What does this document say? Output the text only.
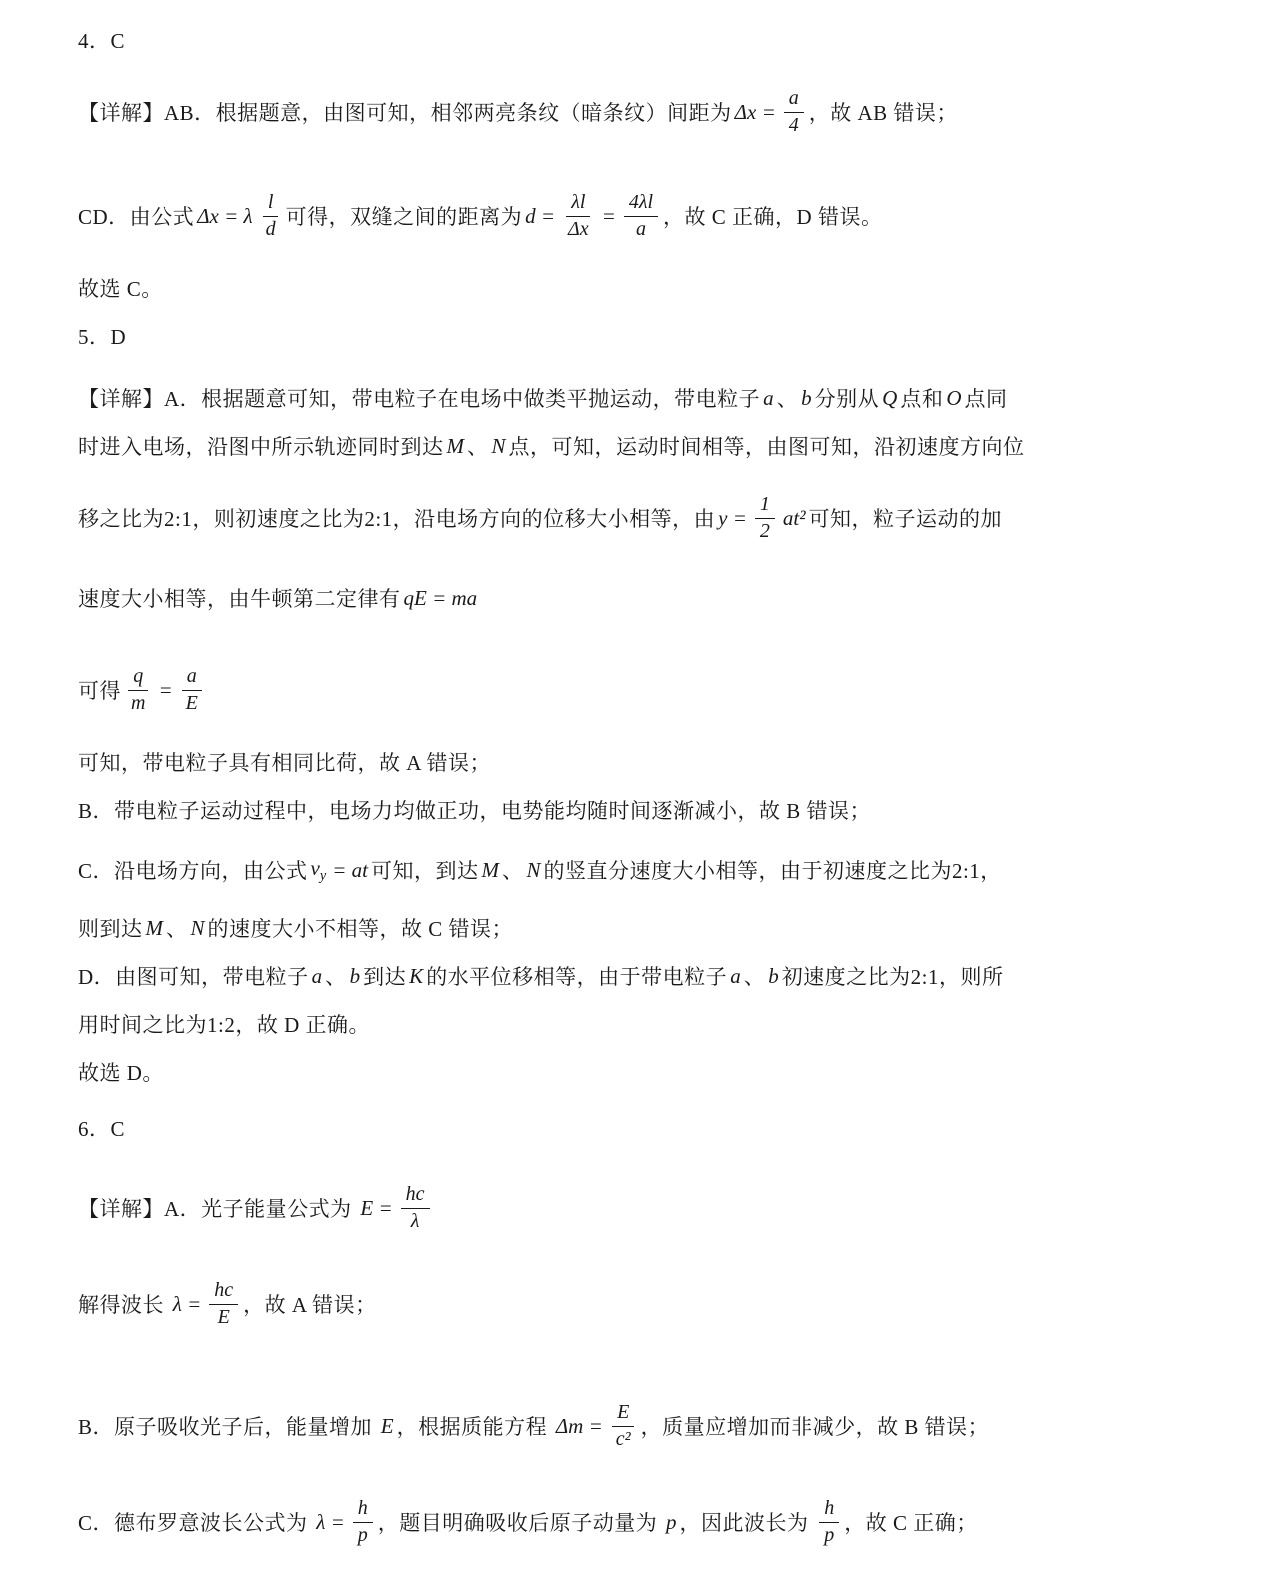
4．C
【详解】AB．根据题意，由图可知，相邻两亮条纹（暗条纹）间距为 $\Delta x = \frac{a}{4}$ ，故 AB 错误；
CD．由公式 Δx = λ $\frac{l}{d}$ 可得，双缝之间的距离为 $d = \frac{\lambda l}{\Delta x} = \frac{4\lambda l}{a}$ ，故 C 正确，D 错误。
故选 C。
5．D
【详解】A．根据题意可知，带电粒子在电场中做类平抛运动，带电粒子 a 、 b 分别从 Q 点和 O 点同
时进入电场，沿图中所示轨迹同时到达 M 、 N 点，可知，运动时间相等，由图可知，沿初速度方向位
移之比为2:1，则初速度之比为2:1，沿电场方向的位移大小相等，由 $y = \frac{1}{2} at^2$ 可知，粒子运动的加
速度大小相等，由牛顿第二定律有 qE = ma
可得 $\frac{q}{m} = \frac{a}{E}$
可知，带电粒子具有相同比荷，故 A 错误；
B．带电粒子运动过程中，电场力均做正功，电势能均随时间逐渐减小，故 B 错误；
C．沿电场方向，由公式 $v_y$ = at 可知，到达 M 、 N 的竖直分速度大小相等，由于初速度之比为2:1，
则到达 M 、 N 的速度大小不相等，故 C 错误；
D．由图可知，带电粒子 a 、 b 到达 K 的水平位移相等，由于带电粒子 a 、 b 初速度之比为2:1，则所
用时间之比为1:2，故 D 正确。
故选 D。
6．C
【详解】A．光子能量公式为 $E = \frac{hc}{\lambda}$
解得波长 $\lambda = \frac{hc}{E}$ ，故 A 错误；
B．原子吸收光子后，能量增加 E ，根据质能方程 $\Delta m = \frac{E}{\text{c²}}$ ，质量应增加而非减少，故 B 错误；
C．德布罗意波长公式为 $\lambda = \frac{h}{p}$ ，题目明确吸收后原子动量为 p ，因此波长为 $\frac{h}{p}$ ，故 C 正确；
